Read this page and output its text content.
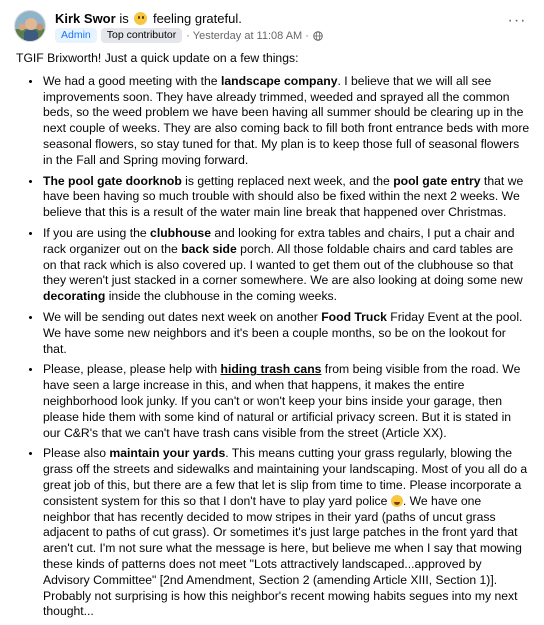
Kirk Swor is feeling grateful.
Admin	Top contributor · Yesterday at 11:08 AM ·
···

TGIF Brixworth! Just a quick update on a few things:

• We had a good meeting with the landscape company. I believe that we will all see improvements soon. They have already trimmed, weeded and sprayed all the common beds, so the weed problem we have been having all summer should be clearing up in the next couple of weeks. They are also coming back to fill both front entrance beds with more seasonal flowers, so stay tuned for that. My plan is to keep those full of seasonal flowers in the Fall and Spring moving forward.
• The pool gate doorknob is getting replaced next week, and the pool gate entry that we have been having so much trouble with should also be fixed within the next 2 weeks. We believe that this is a result of the water main line break that happened over Christmas.
• If you are using the clubhouse and looking for extra tables and chairs, I put a chair and rack organizer out on the back side porch. All those foldable chairs and card tables are on that rack which is also covered up. I wanted to get them out of the clubhouse so that they weren't just stacked in a corner somewhere. We are also looking at doing some new decorating inside the clubhouse in the coming weeks.
• We will be sending out dates next week on another Food Truck Friday Event at the pool. We have some new neighbors and it's been a couple months, so be on the lookout for that.
• Please, please, please help with hiding trash cans from being visible from the road. We have seen a large increase in this, and when that happens, it makes the entire neighborhood look junky. If you can't or won't keep your bins inside your garage, then please hide them with some kind of natural or artificial privacy screen. But it is stated in our C&R's that we can't have trash cans visible from the street (Article XX).
• Please also maintain your yards. This means cutting your grass regularly, blowing the grass off the streets and sidewalks and maintaining your landscaping. Most of you all do a great job of this, but there are a few that let is slip from time to time. Please incorporate a consistent system for this so that I don't have to play yard police . We have one neighbor that has recently decided to mow stripes in their yard (paths of uncut grass adjacent to paths of cut grass). Or sometimes it's just large patches in the front yard that aren't cut. I'm not sure what the message is here, but believe me when I say that mowing these kinds of patterns does not meet "Lots attractively landscaped...approved by Advisory Committee" [2nd Amendment, Section 2 (amending Article XIII, Section 1)]. Probably not surprising is how this neighbor's recent mowing habits segues into my next thought...
